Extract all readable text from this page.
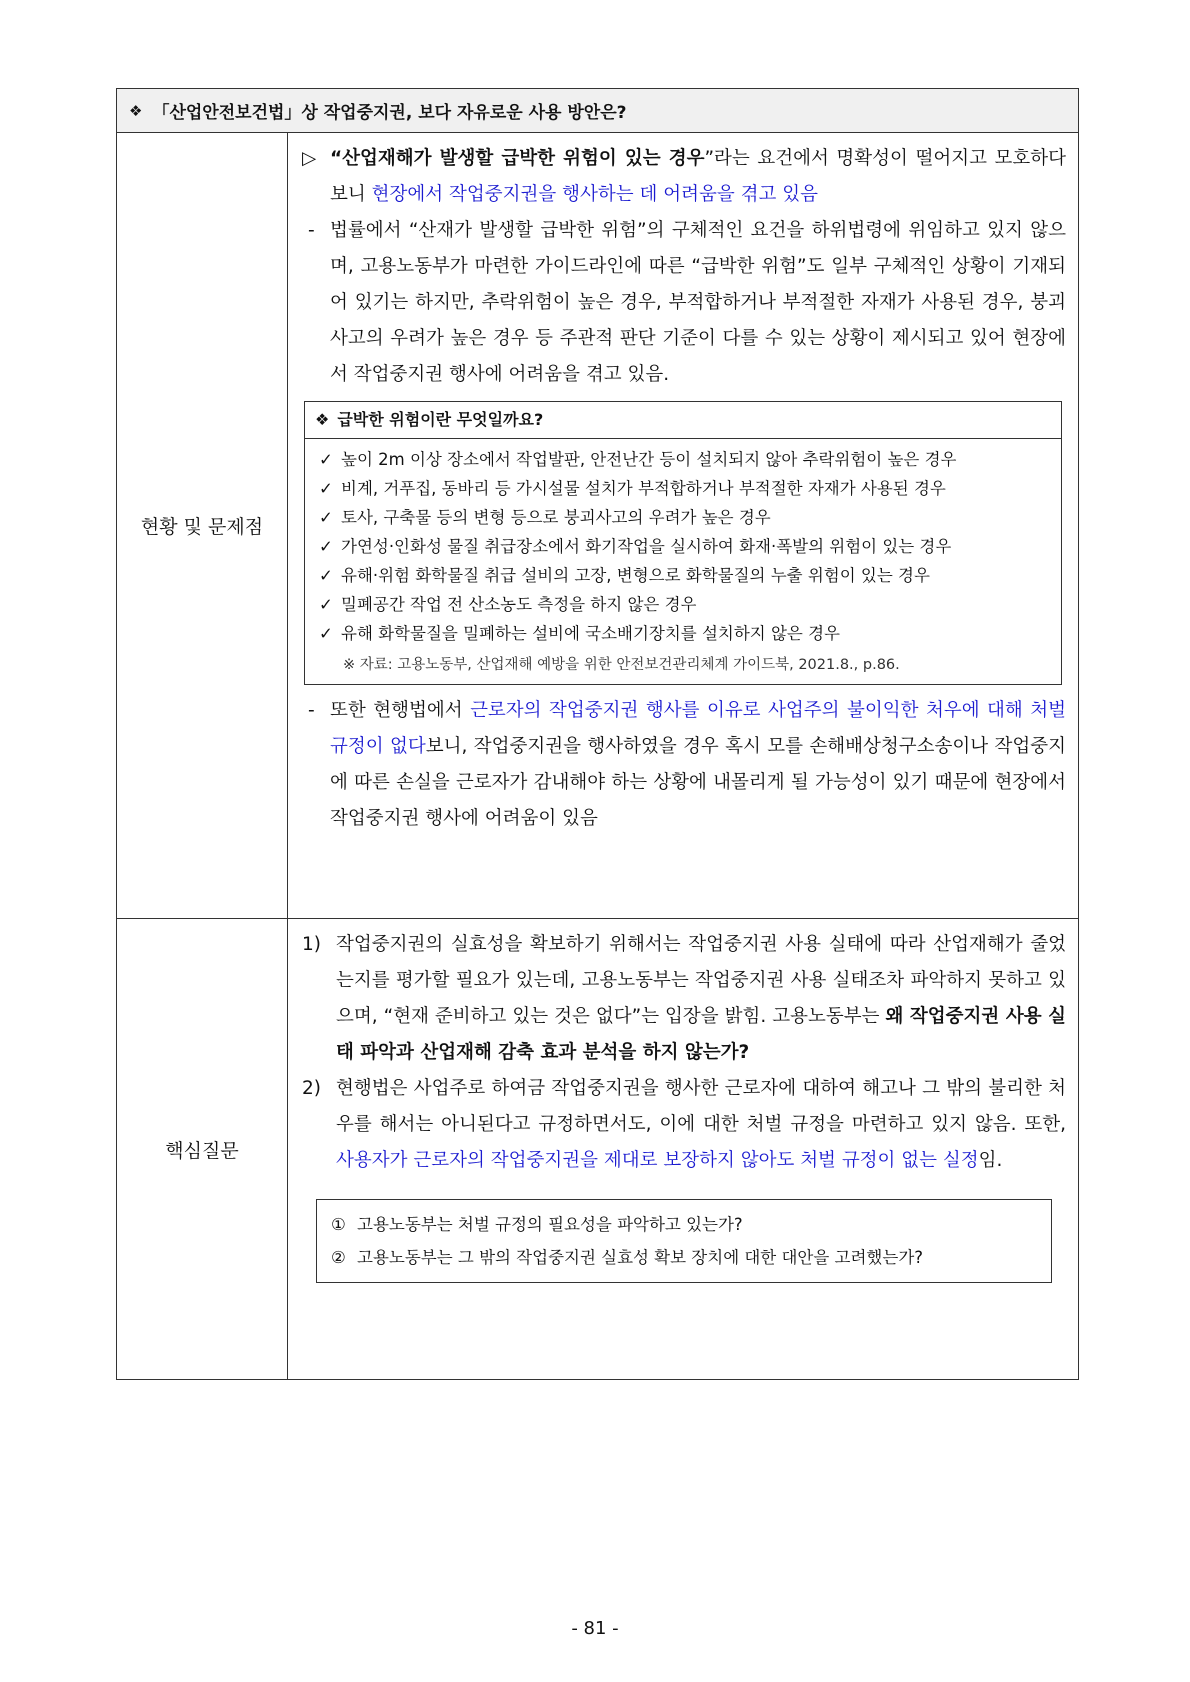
❖ 「산업안전보건법」상 작업중지권, 보다 자유로운 사용 방안은?
현황 및 문제점
▷ “산업재해가 발생할 급박한 위험이 있는 경우”라는 요건에서 명확성이 떨어지고 모호하다 보니 현장에서 작업중지권을 행사하는 데 어려움을 겪고 있음
- 법률에서 “산재가 발생할 급박한 위험”의 구체적인 요건을 하위법령에 위임하고 있지 않으며, 고용노동부가 마련한 가이드라인에 따른 “급박한 위험”도 일부 구체적인 상황이 기재되어 있기는 하지만, 추락위험이 높은 경우, 부적합하거나 부적절한 자재가 사용된 경우, 붕괴사고의 우려가 높은 경우 등 주관적 판단 기준이 다를 수 있는 상황이 제시되고 있어 현장에서 작업중지권 행사에 어려움을 겪고 있음.
❖ 급박한 위험이란 무엇일까요?
✓ 높이 2m 이상 장소에서 작업발판, 안전난간 등이 설치되지 않아 추락위험이 높은 경우
✓ 비계, 거푸집, 동바리 등 가시설물 설치가 부적합하거나 부적절한 자재가 사용된 경우
✓ 토사, 구축물 등의 변형 등으로 붕괴사고의 우려가 높은 경우
✓ 가연성·인화성 물질 취급장소에서 화기작업을 실시하여 화재·폭발의 위험이 있는 경우
✓ 유해·위험 화학물질 취급 설비의 고장, 변형으로 화학물질의 누출 위험이 있는 경우
✓ 밀폐공간 작업 전 산소농도 측정을 하지 않은 경우
✓ 유해 화학물질을 밀폐하는 설비에 국소배기장치를 설치하지 않은 경우
※ 자료: 고용노동부, 산업재해 예방을 위한 안전보건관리체계 가이드북, 2021.8., p.86.
- 또한 현행법에서 근로자의 작업중지권 행사를 이유로 사업주의 불이익한 처우에 대해 처벌규정이 없다보니, 작업중지권을 행사하였을 경우 혹시 모를 손해배상청구소송이나 작업중지에 따른 손실을 근로자가 감내해야 하는 상황에 내몰리게 될 가능성이 있기 때문에 현장에서 작업중지권 행사에 어려움이 있음
핵심질문
1) 작업중지권의 실효성을 확보하기 위해서는 작업중지권 사용 실태에 따라 산업재해가 줄었는지를 평가할 필요가 있는데, 고용노동부는 작업중지권 사용 실태조차 파악하지 못하고 있으며, “현재 준비하고 있는 것은 없다”는 입장을 밝힘. 고용노동부는 왜 작업중지권 사용 실태 파악과 산업재해 감축 효과 분석을 하지 않는가?
2) 현행법은 사업주로 하여금 작업중지권을 행사한 근로자에 대하여 해고나 그 밖의 불리한 처우를 해서는 아니된다고 규정하면서도, 이에 대한 처벌 규정을 마련하고 있지 않음. 또한, 사용자가 근로자의 작업중지권을 제대로 보장하지 않아도 처벌 규정이 없는 실정임.
① 고용노동부는 처벌 규정의 필요성을 파악하고 있는가?
② 고용노동부는 그 밖의 작업중지권 실효성 확보 장치에 대한 대안을 고려했는가?
- 81 -
